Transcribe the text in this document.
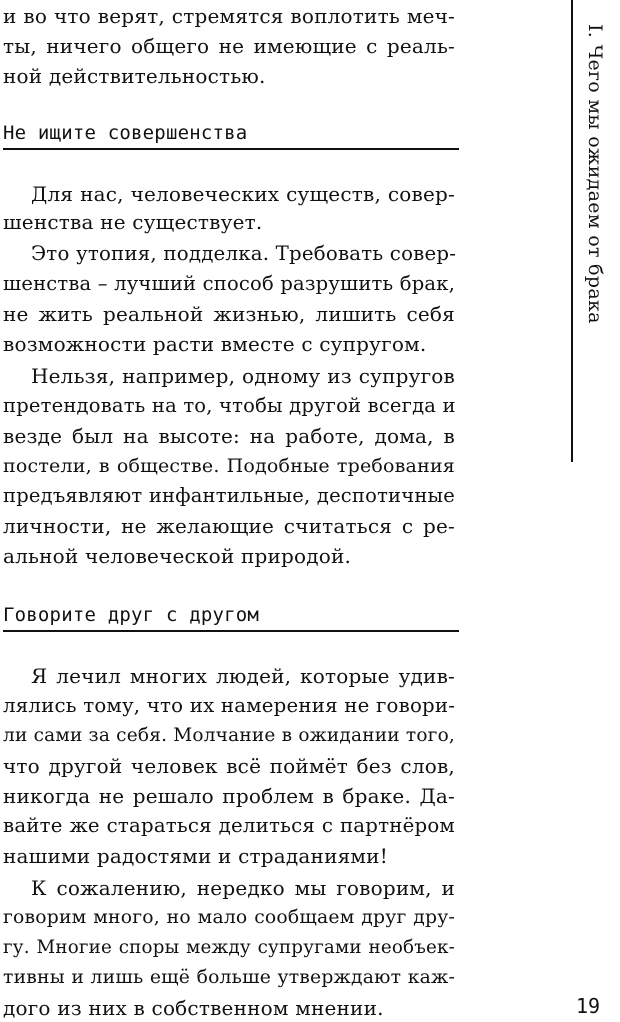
и во что верят, стремятся воплотить меч-
ты, ничего общего не имеющие с реаль-
ной действительностью.
Не ищите совершенства
Для нас, человеческих существ, совер-
шенства не существует.
Это утопия, подделка. Требовать совер-
шенства – лучший способ разрушить брак,
не жить реальной жизнью, лишить себя
возможности расти вместе с супругом.
Нельзя, например, одному из супругов
претендовать на то, чтобы другой всегда и
везде был на высоте: на работе, дома, в
постели, в обществе. Подобные требования
предъявляют инфантильные, деспотичные
личности, не желающие считаться с ре-
альной человеческой природой.
Говорите друг с другом
Я лечил многих людей, которые удив-
лялись тому, что их намерения не говори-
ли сами за себя. Молчание в ожидании того,
что другой человек всё поймёт без слов,
никогда не решало проблем в браке. Да-
вайте же стараться делиться с партнёром
нашими радостями и страданиями!
К сожалению, нередко мы говорим, и
говорим много, но мало сообщаем друг дру-
гу. Многие споры между супругами необъек-
тивны и лишь ещё больше утверждают каж-
дого из них в собственном мнении.
I. Чего мы ожидаем от брака
19
